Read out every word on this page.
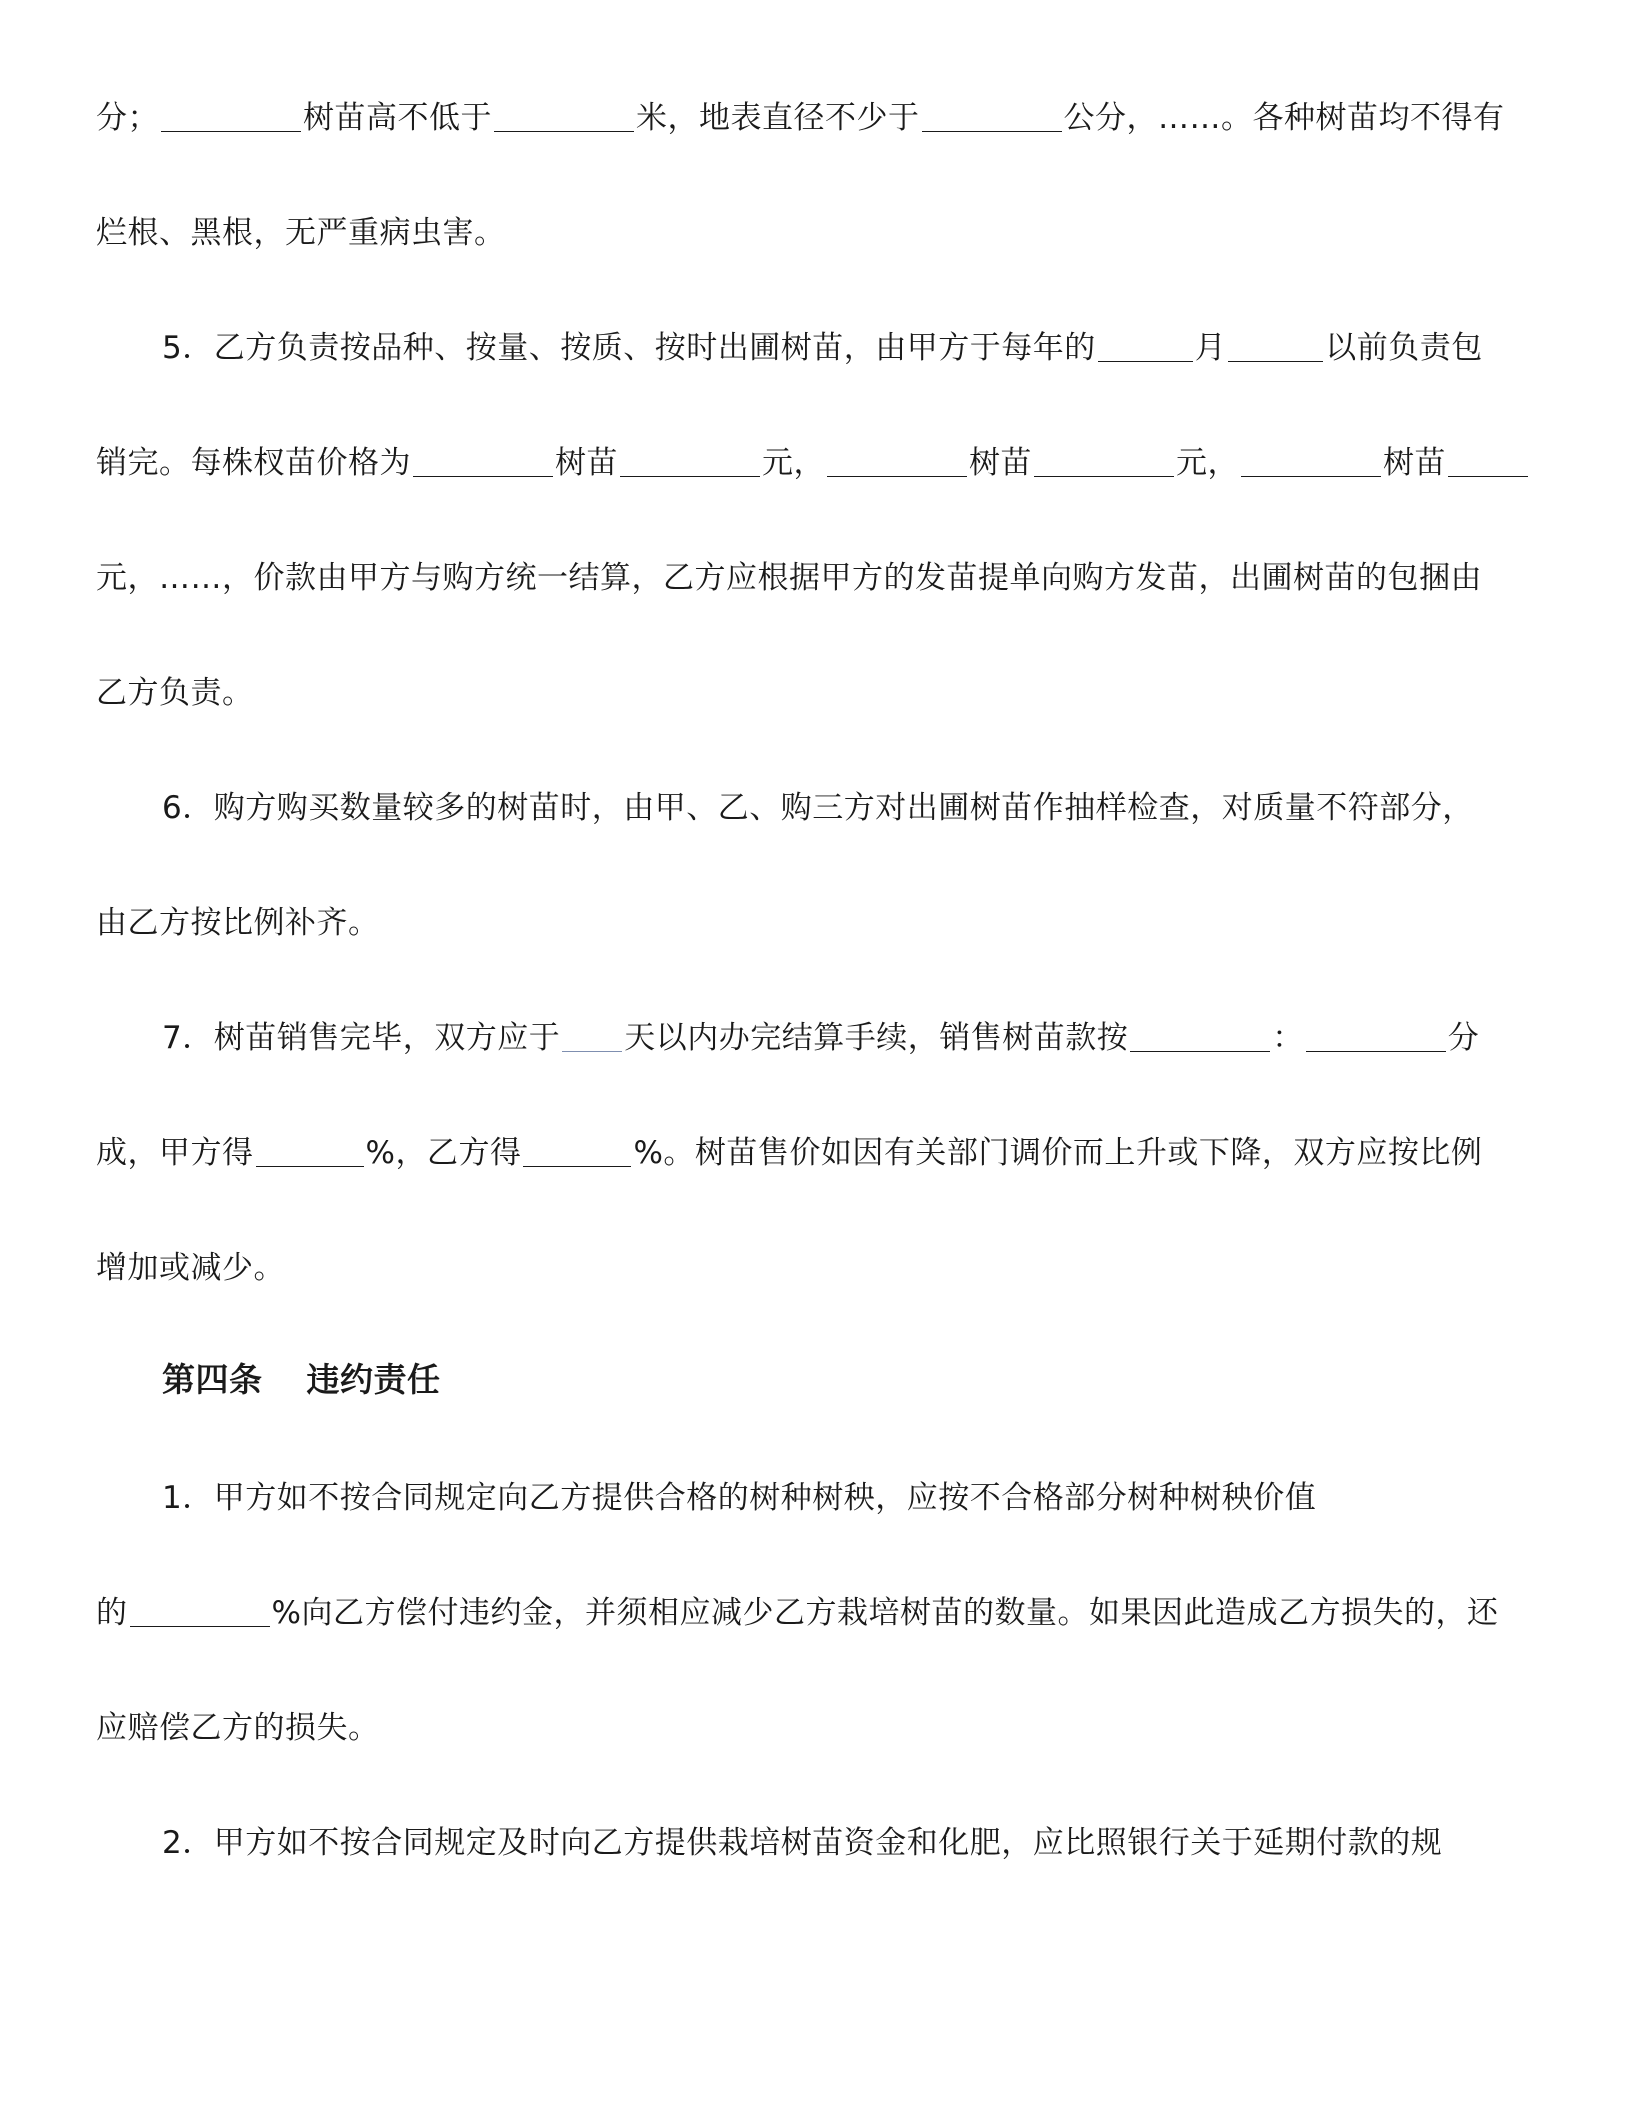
分；	树苗高不低于	米，地表直径不少于	公分，……。各种树苗均不得有
烂根、黑根，无严重病虫害。
5．乙方负责按品种、按量、按质、按时出圃树苗，由甲方于每年的	月	以前负责包
销完。每株杈苗价格为	树苗	元，	树苗	元，	树苗
元，……，价款由甲方与购方统一结算，乙方应根据甲方的发苗提单向购方发苗，出圃树苗的包捆由
乙方负责。
6．购方购买数量较多的树苗时，由甲、乙、购三方对出圃树苗作抽样检查，对质量不符部分，
由乙方按比例补齐。
7．树苗销售完毕，双方应于 天以内办完结算手续，销售树苗款按	：	分
成，甲方得	%，乙方得	%。树苗售价如因有关部门调价而上升或下降，双方应按比例
增加或减少。
第四条 违约责任
1．甲方如不按合同规定向乙方提供合格的树种树秧，应按不合格部分树种树秧价值
的	%向乙方偿付违约金，并须相应减少乙方栽培树苗的数量。如果因此造成乙方损失的，还
应赔偿乙方的损失。
2．甲方如不按合同规定及时向乙方提供栽培树苗资金和化肥，应比照银行关于延期付款的规
